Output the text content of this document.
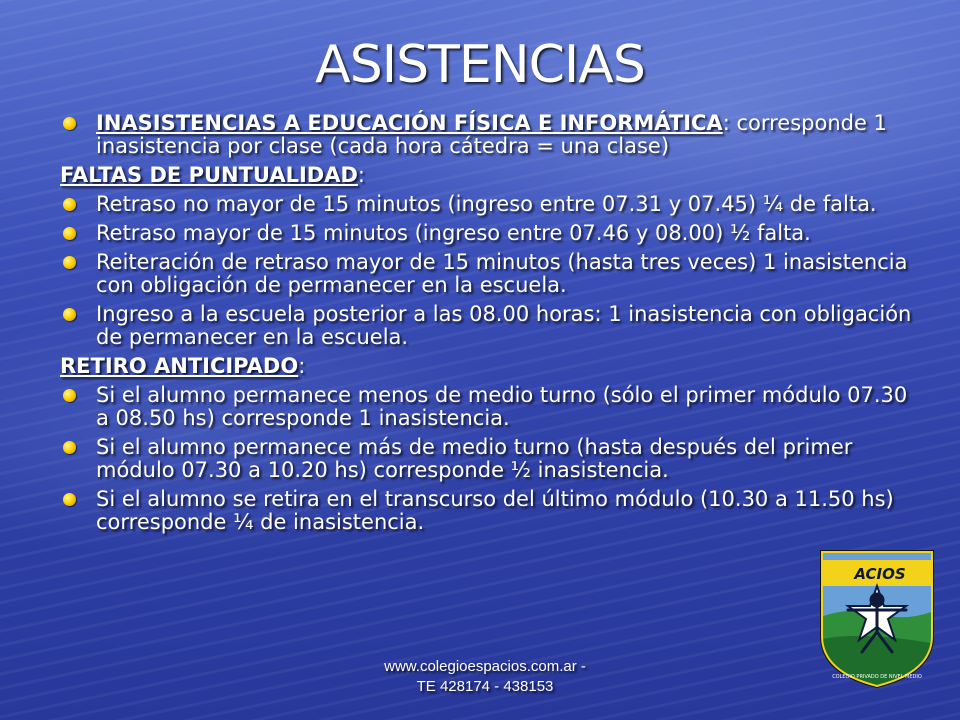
ASISTENCIAS
INASISTENCIAS A EDUCACIÓN FÍSICA E INFORMÁTICA: corresponde 1 inasistencia por clase (cada hora cátedra = una clase)
FALTAS DE PUNTUALIDAD:
Retraso no mayor de 15 minutos (ingreso entre 07.31 y 07.45) ¼ de falta.
Retraso mayor de 15 minutos (ingreso entre 07.46 y 08.00) ½ falta.
Reiteración de retraso mayor de 15 minutos (hasta tres veces) 1 inasistencia con obligación de permanecer en la escuela.
Ingreso a la escuela posterior a las 08.00 horas: 1 inasistencia con obligación de permanecer en la escuela.
RETIRO ANTICIPADO:
Si el alumno permanece menos de medio turno (sólo el primer módulo 07.30 a 08.50 hs) corresponde 1 inasistencia.
Si el alumno permanece más de medio turno (hasta después del primer módulo 07.30 a 10.20 hs) corresponde ½ inasistencia.
Si el alumno se retira en el transcurso del último módulo (10.30 a 11.50 hs) corresponde ¼ de inasistencia.
www.colegioespacios.com.ar -
TE 428174 - 438153
ACIOS
COLEGIO PRIVADO DE NIVEL MEDIO
